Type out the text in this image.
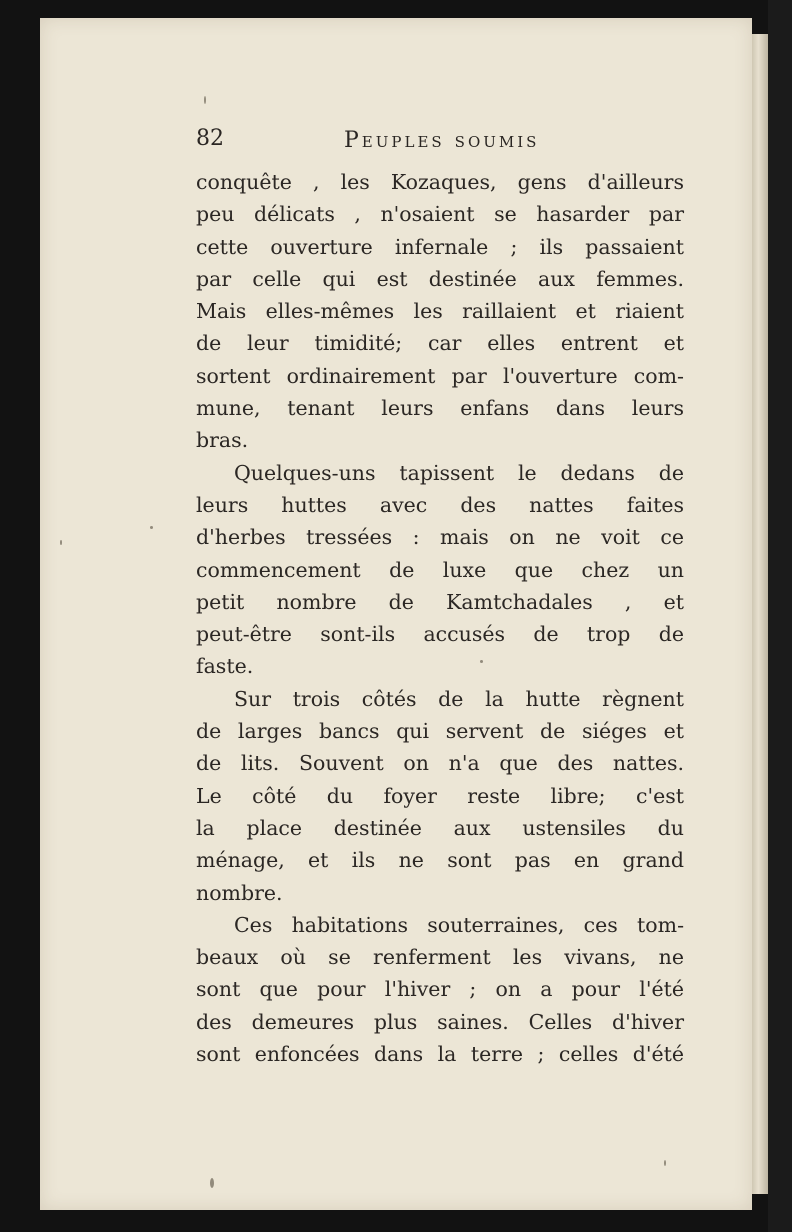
82	Peuples soumis
conquête , les Kozaques, gens d'ailleurs
peu délicats , n'osaient se hasarder par
cette ouverture infernale ; ils passaient
par celle qui est destinée aux femmes.
Mais elles-mêmes les raillaient et riaient
de leur timidité; car elles entrent et
sortent ordinairement par l'ouverture com-
mune, tenant leurs enfans dans leurs
bras.
Quelques-uns tapissent le dedans de
leurs huttes avec des nattes faites
d'herbes tressées : mais on ne voit ce
commencement de luxe que chez un
petit nombre de Kamtchadales , et
peut-être sont-ils accusés de trop de
faste.
Sur trois côtés de la hutte règnent
de larges bancs qui servent de siéges et
de lits. Souvent on n'a que des nattes.
Le côté du foyer reste libre; c'est
la place destinée aux ustensiles du
ménage, et ils ne sont pas en grand
nombre.
Ces habitations souterraines, ces tom-
beaux où se renferment les vivans, ne
sont que pour l'hiver ; on a pour l'été
des demeures plus saines. Celles d'hiver
sont enfoncées dans la terre ; celles d'été
